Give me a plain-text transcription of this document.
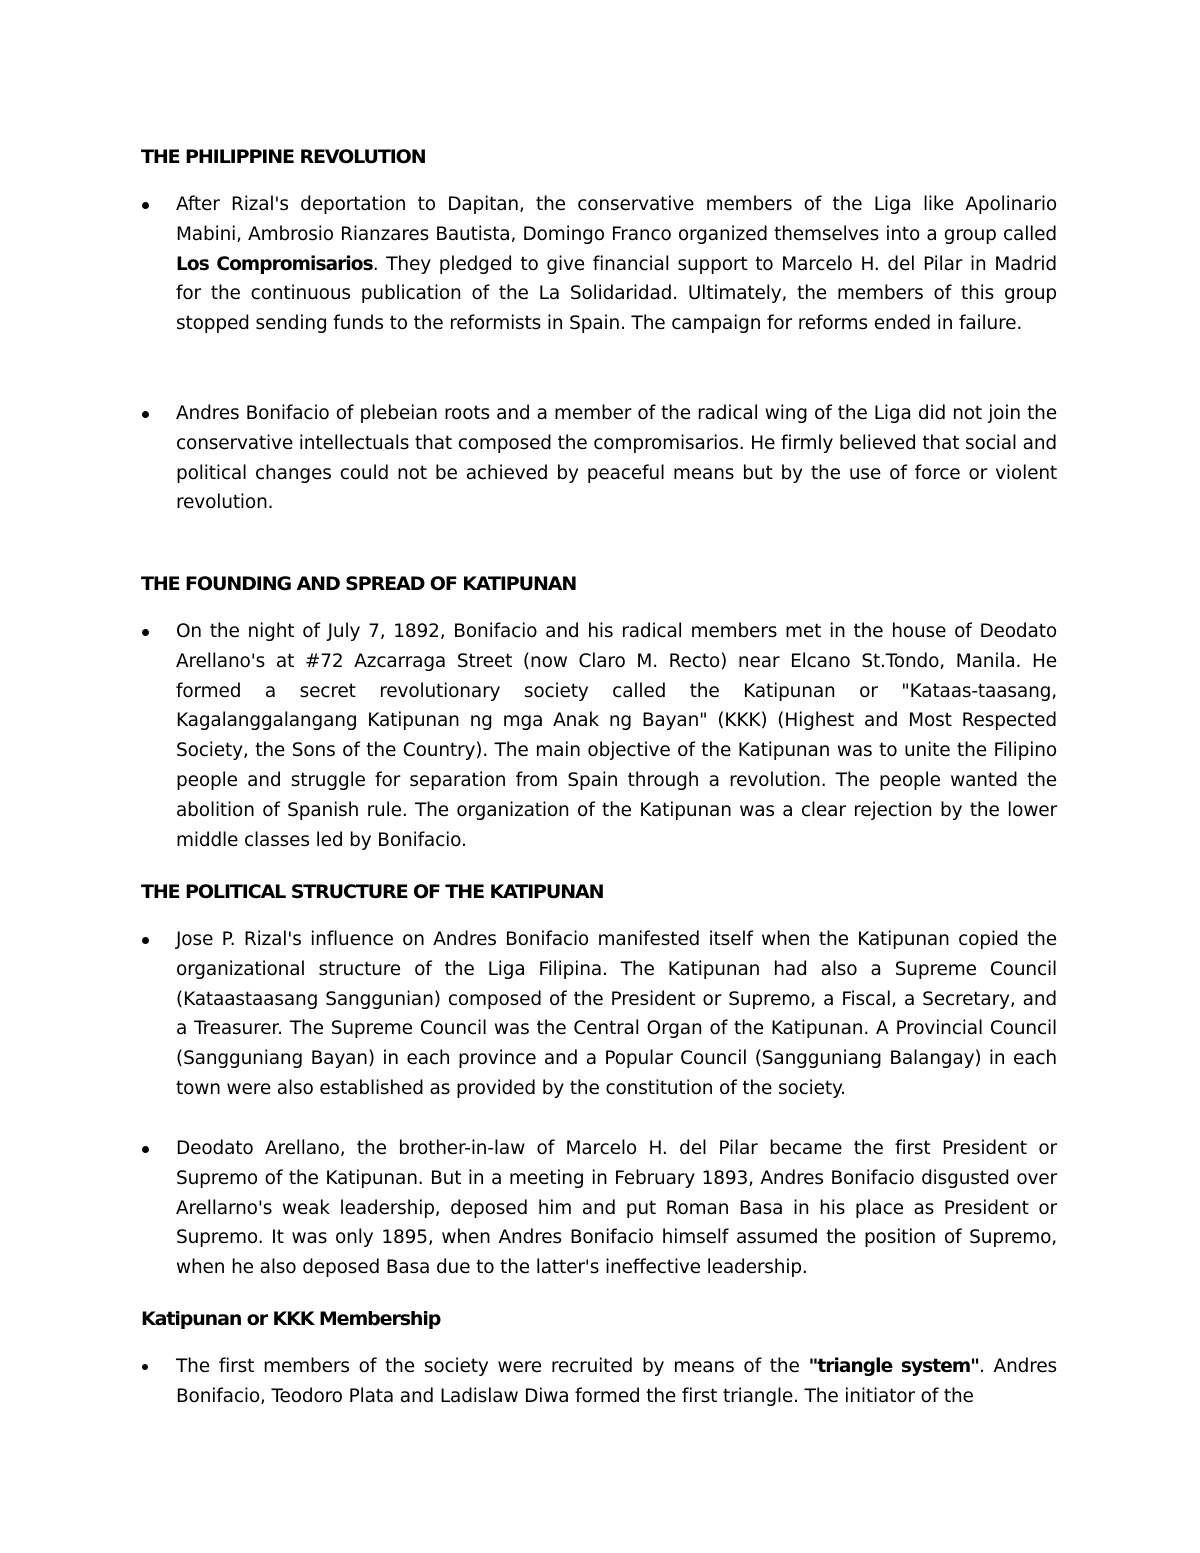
THE PHILIPPINE REVOLUTION
After Rizal's deportation to Dapitan, the conservative members of the Liga like Apolinario Mabini, Ambrosio Rianzares Bautista, Domingo Franco organized themselves into a group called Los Compromisarios. They pledged to give financial support to Marcelo H. del Pilar in Madrid for the continuous publication of the La Solidaridad. Ultimately, the members of this group stopped sending funds to the reformists in Spain. The campaign for reforms ended in failure.
Andres Bonifacio of plebeian roots and a member of the radical wing of the Liga did not join the conservative intellectuals that composed the compromisarios. He firmly believed that social and political changes could not be achieved by peaceful means but by the use of force or violent revolution.
THE FOUNDING AND SPREAD OF KATIPUNAN
On the night of July 7, 1892, Bonifacio and his radical members met in the house of Deodato Arellano's at #72 Azcarraga Street (now Claro M. Recto) near Elcano St.Tondo, Manila. He formed a secret revolutionary society called the Katipunan or "Kataas-taasang, Kagalanggalangang Katipunan ng mga Anak ng Bayan" (KKK) (Highest and Most Respected Society, the Sons of the Country). The main objective of the Katipunan was to unite the Filipino people and struggle for separation from Spain through a revolution. The people wanted the abolition of Spanish rule. The organization of the Katipunan was a clear rejection by the lower middle classes led by Bonifacio.
THE POLITICAL STRUCTURE OF THE KATIPUNAN
Jose P. Rizal's influence on Andres Bonifacio manifested itself when the Katipunan copied the organizational structure of the Liga Filipina. The Katipunan had also a Supreme Council (Kataastaasang Sanggunian) composed of the President or Supremo, a Fiscal, a Secretary, and a Treasurer. The Supreme Council was the Central Organ of the Katipunan. A Provincial Council (Sangguniang Bayan) in each province and a Popular Council (Sangguniang Balangay) in each town were also established as provided by the constitution of the society.
Deodato Arellano, the brother-in-law of Marcelo H. del Pilar became the first President or Supremo of the Katipunan. But in a meeting in February 1893, Andres Bonifacio disgusted over Arellarno's weak leadership, deposed him and put Roman Basa in his place as President or Supremo. It was only 1895, when Andres Bonifacio himself assumed the position of Supremo, when he also deposed Basa due to the latter's ineffective leadership.
Katipunan or KKK Membership
The first members of the society were recruited by means of the "triangle system". Andres Bonifacio, Teodoro Plata and Ladislaw Diwa formed the first triangle. The initiator of the
